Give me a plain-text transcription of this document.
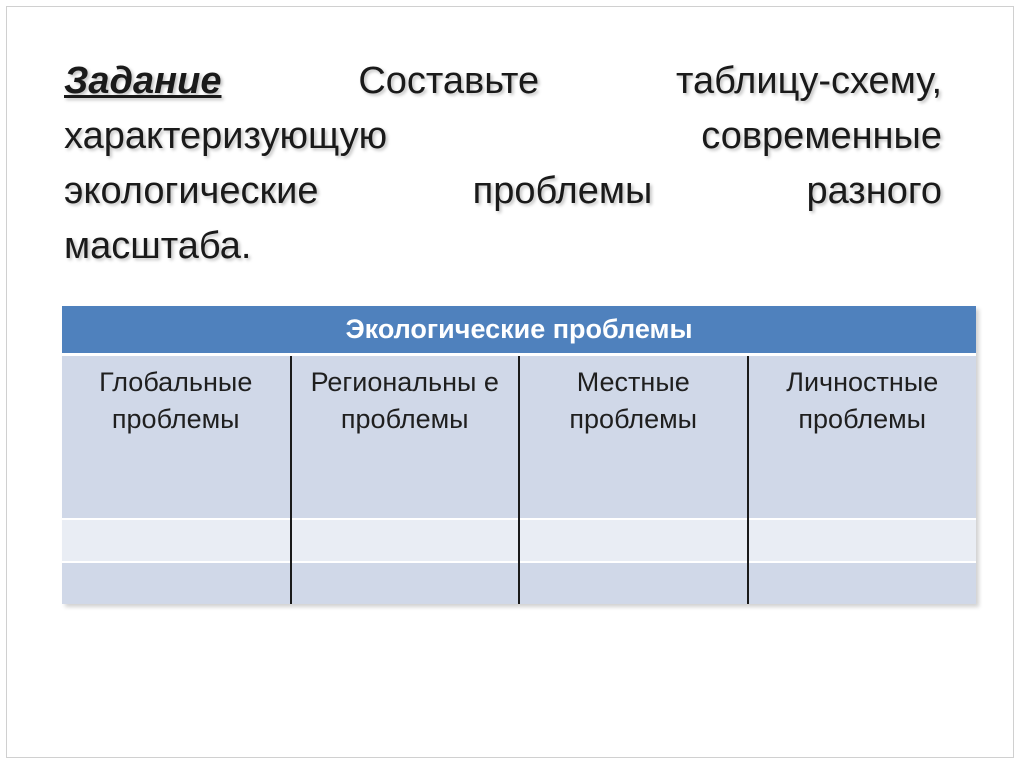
Задание	Составьте	таблицу-схему,
характеризующую	современные
экологические	проблемы	разного
масштаба.
Экологические проблемы			
Глобальные проблемы	Региональны е проблемы	Местные проблемы	Личностные проблемы
